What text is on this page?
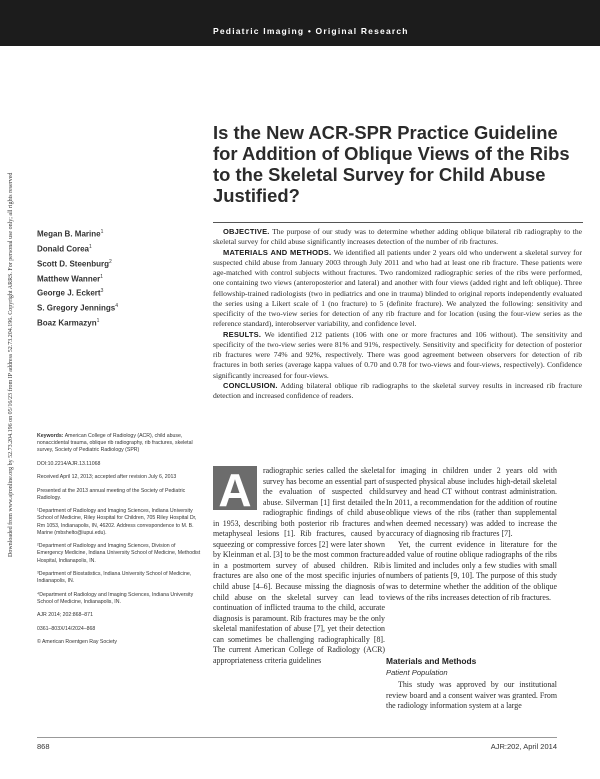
Pediatric Imaging • Original Research
Downloaded from www.ajronline.org by 52.73.204.196 on 05/16/23 from IP address 52.73.204.196. Copyright ARRS. For personal use only; all rights reserved
Is the New ACR-SPR Practice Guideline for Addition of Oblique Views of the Ribs to the Skeletal Survey for Child Abuse Justified?
Megan B. Marine$^1$
Donald Corea$^1$
Scott D. Steenburg$^2$
Matthew Wanner$^1$
George J. Eckert$^3$
S. Gregory Jennings$^4$
Boaz Karmazyn$^1$

OBJECTIVE. The purpose of our study was to determine whether adding oblique bilateral rib radiography to the skeletal survey for child abuse significantly increases detection of the number of rib fractures.

MATERIALS AND METHODS. We identified all patients under 2 years old who underwent a skeletal survey for suspected child abuse from January 2003 through July 2011 and who had at least one rib fracture. These patients were age-matched with control subjects without fractures. Two randomized radiographic series of the ribs were performed, one containing two views (anteroposterior and lateral) and another with four views (added right and left oblique). Three fellowship-trained radiologists (two in pediatrics and one in trauma) blinded to original reports independently evaluated the series using a Likert scale of 1 (no fracture) to 5 (definite fracture). We analyzed the following: sensitivity and specificity of the two-view series for detection of any rib fracture and for location (using the four-view series as the reference standard), interobserver variability, and confidence level.

RESULTS. We identified 212 patients (106 with one or more fractures and 106 without). The sensitivity and specificity of the two-view series were 81% and 91%, respectively. Sensitivity and specificity for detection of posterior rib fractures were 74% and 92%, respectively. There was good agreement between observers for detection of rib fractures in both series (average kappa values of 0.70 and 0.78 for two-views and four-views, respectively). Confidence significantly increased for four-views.

CONCLUSION. Adding bilateral oblique rib radiographs to the skeletal survey results in increased rib fracture detection and increased confidence of readers.

Keywords: American College of Radiology (ACR), child abuse, nonaccidental trauma, oblique rib radiography, rib fractures, skeletal survey, Society of Pediatric Radiology (SPR)

DOI:10.2214/AJR.13.11068

Received April 12, 2013; accepted after revision July 6, 2013

Presented at the 2013 annual meeting of the Society of Pediatric Radiology.

¹Department of Radiology and Imaging Sciences, Indiana University School of Medicine, Riley Hospital for Children, 705 Riley Hospital Dr, Rm 1053, Indianapolis, IN, 46202. Address correspondence to M. B. Marine (mbshelto@iupui.edu).

²Department of Radiology and Imaging Sciences, Division of Emergency Medicine, Indiana University School of Medicine, Methodist Hospital, Indianapolis, IN.

³Department of Biostatistics, Indiana University School of Medicine, Indianapolis, IN.

⁴Department of Radiology and Imaging Sciences, Indiana University School of Medicine, Indianapolis, IN.

AJR 2014; 202:868–871

0361–803X/14/2024–868

© American Roentgen Ray Society

A	radiographic series called the skeletal survey has become an essential part of the evaluation of suspected child abuse. Silverman [1] first detailed the radiographic findings of child abuse in 1953, describing both posterior rib fractures and metaphyseal lesions [1]. Rib fractures, caused by squeezing or compressive forces [2] were later shown by Kleinman et al. [3] to be the most common fracture in a postmortem survey of abused children. Rib fractures are also one of the most specific injuries of child abuse [4–6]. Because missing the diagnosis of child abuse on the skeletal survey can lead to continuation of inflicted trauma to the child, accurate diagnosis is paramount. Rib fractures may be the only skeletal manifestation of abuse [7], yet their detection can sometimes be challenging radiographically [8]. The current American College of Radiology (ACR) appropriateness criteria guidelines

for imaging in children under 2 years old with suspected physical abuse includes high-detail skeletal survey and head CT without contrast administration. In 2011, a recommendation for the addition of routine oblique views of the ribs (rather than supplemental when deemed necessary) was added to increase the accuracy of diagnosing rib fractures [7].

Yet, the current evidence in literature for the added value of routine oblique radiographs of the ribs is limited and includes only a few studies with small numbers of patients [9, 10]. The purpose of this study was to determine whether the addition of the oblique views of the ribs increases detection of rib fractures.

Materials and Methods
Patient Population

This study was approved by our institutional review board and a consent waiver was granted. From the radiology information system at a large

868	AJR:202, April 2014
